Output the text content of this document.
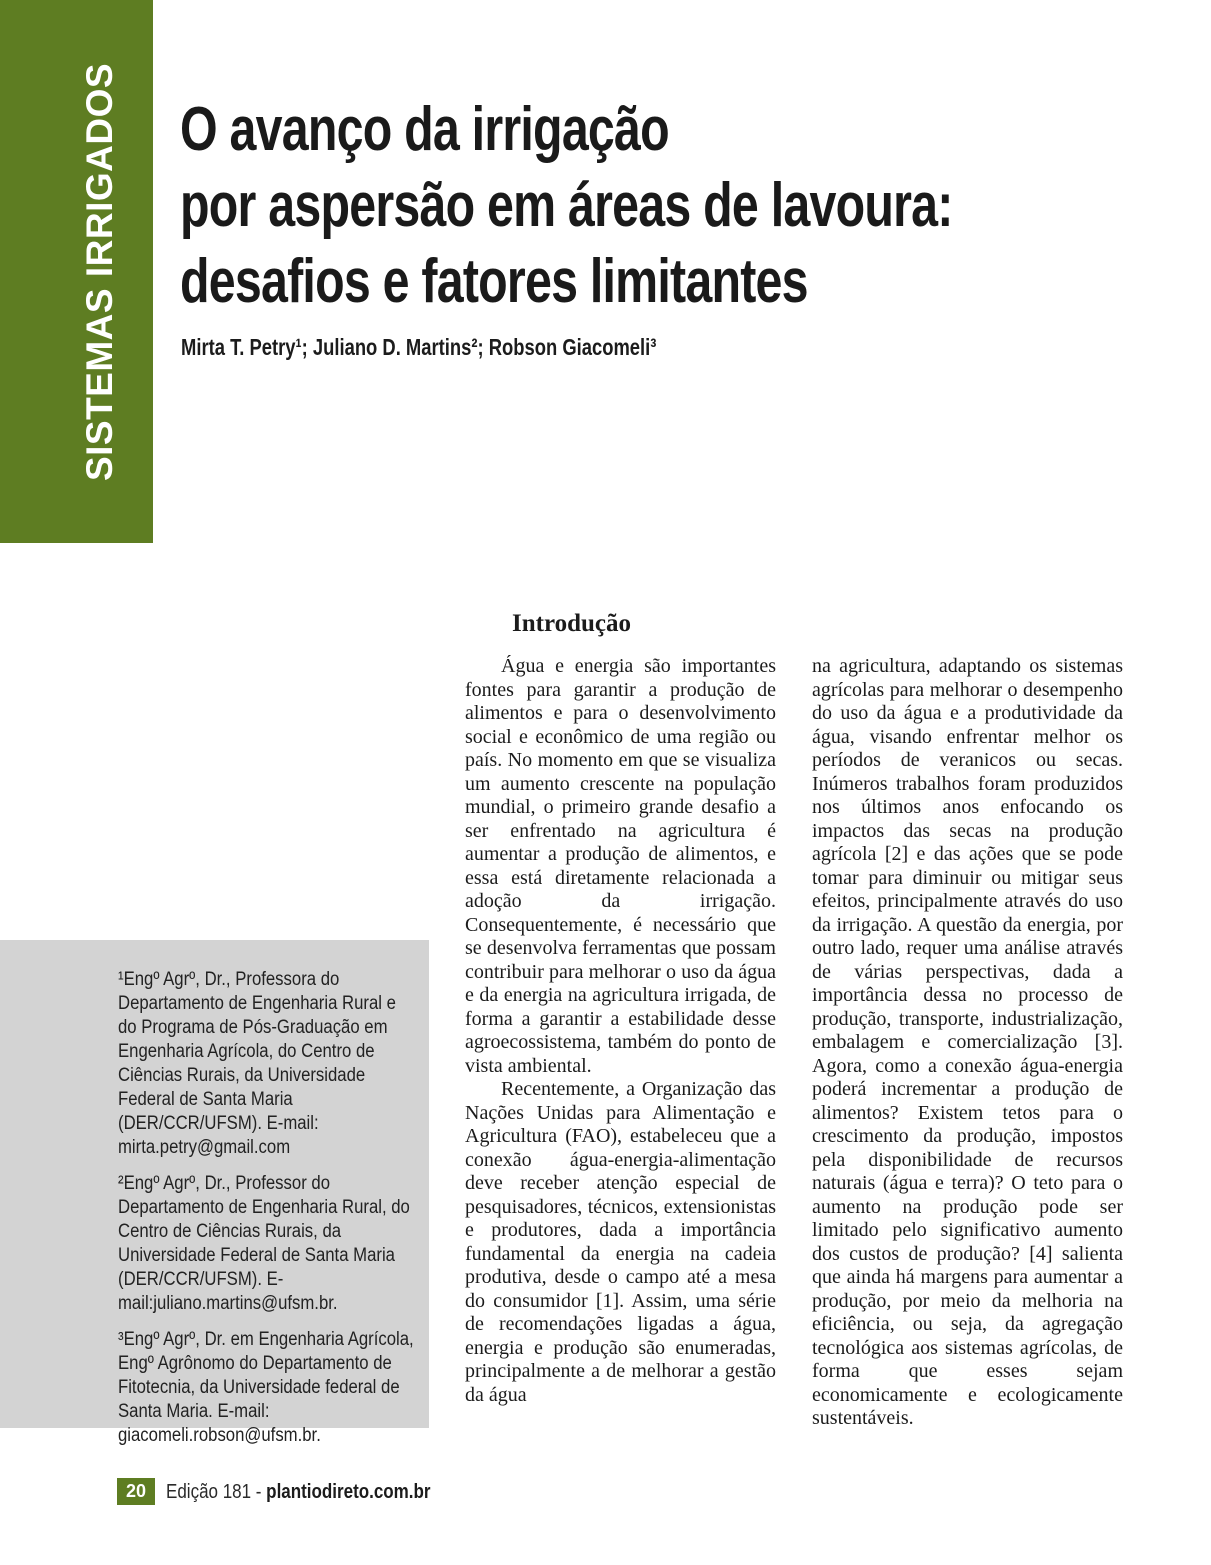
SISTEMAS IRRIGADOS O avanço da irrigação
por aspersão em áreas de lavoura:
desafios e fatores limitantes
Mirta T. Petry¹; Juliano D. Martins²; Robson Giacomeli³
¹Engº Agrº, Dr., Professora do Departamento de Engenharia Rural e do Programa de Pós-Graduação em Engenharia Agrícola, do Centro de Ciências Rurais, da Universidade Federal de Santa Maria (DER/CCR/UFSM). E-mail: mirta.petry@gmail.com
²Engº Agrº, Dr., Professor do Departamento de Engenharia Rural, do Centro de Ciências Rurais, da Universidade Federal de Santa Maria (DER/CCR/UFSM). E-mail:juliano.martins@ufsm.br.
³Engº Agrº, Dr. em Engenharia Agrícola, Engº Agrônomo do Departamento de Fitotecnia, da Universidade federal de Santa Maria. E-mail: giacomeli.robson@ufsm.br.
Introdução

Água e energia são importantes fontes para garantir a produção de alimentos e para o desenvolvimento social e econômico de uma região ou país. No momento em que se visualiza um aumento crescente na população mundial, o primeiro grande desafio a ser enfrentado na agricultura é aumentar a produção de alimentos, e essa está diretamente relacionada a adoção da irrigação. Consequentemente, é necessário que se desenvolva ferramentas que possam contribuir para melhorar o uso da água e da energia na agricultura irrigada, de forma a garantir a estabilidade desse agroecossistema, também do ponto de vista ambiental.

Recentemente, a Organização das Nações Unidas para Alimentação e Agricultura (FAO), estabeleceu que a conexão água-energia-alimentação deve receber atenção especial de pesquisadores, técnicos, extensionistas e produtores, dada a importância fundamental da energia na cadeia produtiva, desde o campo até a mesa do consumidor [1]. Assim, uma série de recomendações ligadas a água, energia e produção são enumeradas, principalmente a de melhorar a gestão da água

na agricultura, adaptando os sistemas agrícolas para melhorar o desempenho do uso da água e a produtividade da água, visando enfrentar melhor os períodos de veranicos ou secas. Inúmeros trabalhos foram produzidos nos últimos anos enfocando os impactos das secas na produção agrícola [2] e das ações que se pode tomar para diminuir ou mitigar seus efeitos, principalmente através do uso da irrigação. A questão da energia, por outro lado, requer uma análise através de várias perspectivas, dada a importância dessa no processo de produção, transporte, industrialização, embalagem e comercialização [3]. Agora, como a conexão água-energia poderá incrementar a produção de alimentos? Existem tetos para o crescimento da produção, impostos pela disponibilidade de recursos naturais (água e terra)? O teto para o aumento na produção pode ser limitado pelo significativo aumento dos custos de produção? [4] salienta que ainda há margens para aumentar a produção, por meio da melhoria na eficiência, ou seja, da agregação tecnológica aos sistemas agrícolas, de forma que esses sejam economicamente e ecologicamente sustentáveis.

20 Edição 181 - plantiodireto.com.br
